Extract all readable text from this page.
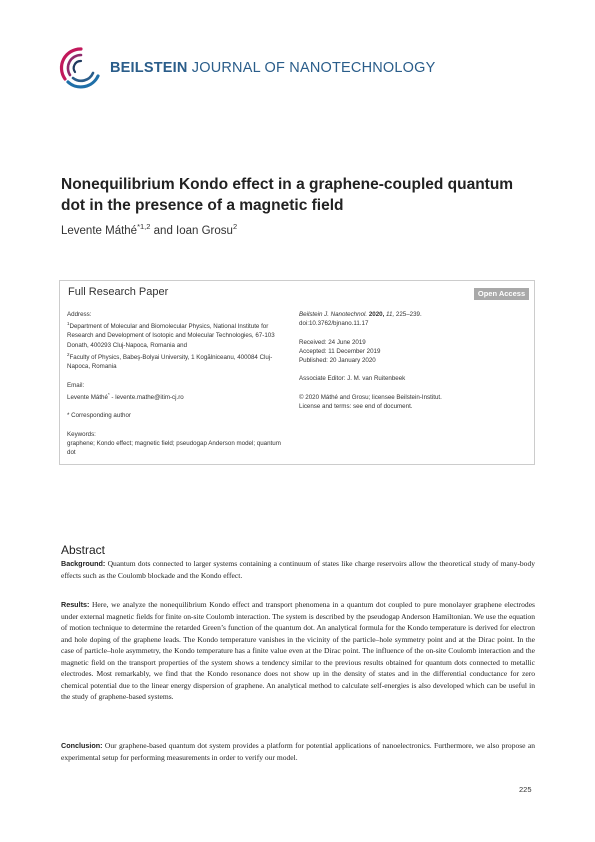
BEILSTEIN JOURNAL OF NANOTECHNOLOGY
Nonequilibrium Kondo effect in a graphene-coupled quantum dot in the presence of a magnetic field
Levente Máthé$^{*1,2}$ and Ioan Grosu$^2$
Full Research Paper	Open Access
Address:
$^1$Department of Molecular and Biomolecular Physics, National Institute for Research and Development of Isotopic and Molecular Technologies, 67-103 Donath, 400293 Cluj-Napoca, Romania and
$^2$Faculty of Physics, Babeş-Bolyai University, 1 Kogălniceanu, 400084 Cluj-Napoca, Romania
Email:
Levente Máthé* - levente.mathe@itim-cj.ro
* Corresponding author
Keywords:
graphene; Kondo effect; magnetic field; pseudogap Anderson model; quantum dot
Beilstein J. Nanotechnol. 2020, 11, 225–239.
doi:10.3762/bjnano.11.17
Received: 24 June 2019
Accepted: 11 December 2019
Published: 20 January 2020
Associate Editor: J. M. van Ruitenbeek
© 2020 Máthé and Grosu; licensee Beilstein-Institut.
License and terms: see end of document.
Abstract
Background: Quantum dots connected to larger systems containing a continuum of states like charge reservoirs allow the theoretical study of many-body effects such as the Coulomb blockade and the Kondo effect.
Results: Here, we analyze the nonequilibrium Kondo effect and transport phenomena in a quantum dot coupled to pure monolayer graphene electrodes under external magnetic fields for finite on-site Coulomb interaction. The system is described by the pseudogap Anderson Hamiltonian. We use the equation of motion technique to determine the retarded Green’s function of the quantum dot. An analytical formula for the Kondo temperature is derived for electron and hole doping of the graphene leads. The Kondo temperature vanishes in the vicinity of the particle–hole symmetry point and at the Dirac point. In the case of particle–hole asymmetry, the Kondo temperature has a finite value even at the Dirac point. The influence of the on-site Coulomb interaction and the magnetic field on the transport properties of the system shows a tendency similar to the previous results obtained for quantum dots connected to metallic electrodes. Most remarkably, we find that the Kondo resonance does not show up in the density of states and in the differential conductance for zero chemical potential due to the linear energy dispersion of graphene. An analytical method to calculate self-energies is also developed which can be useful in the study of graphene-based systems.
Conclusion: Our graphene-based quantum dot system provides a platform for potential applications of nanoelectronics. Furthermore, we also propose an experimental setup for performing measurements in order to verify our model.
225
